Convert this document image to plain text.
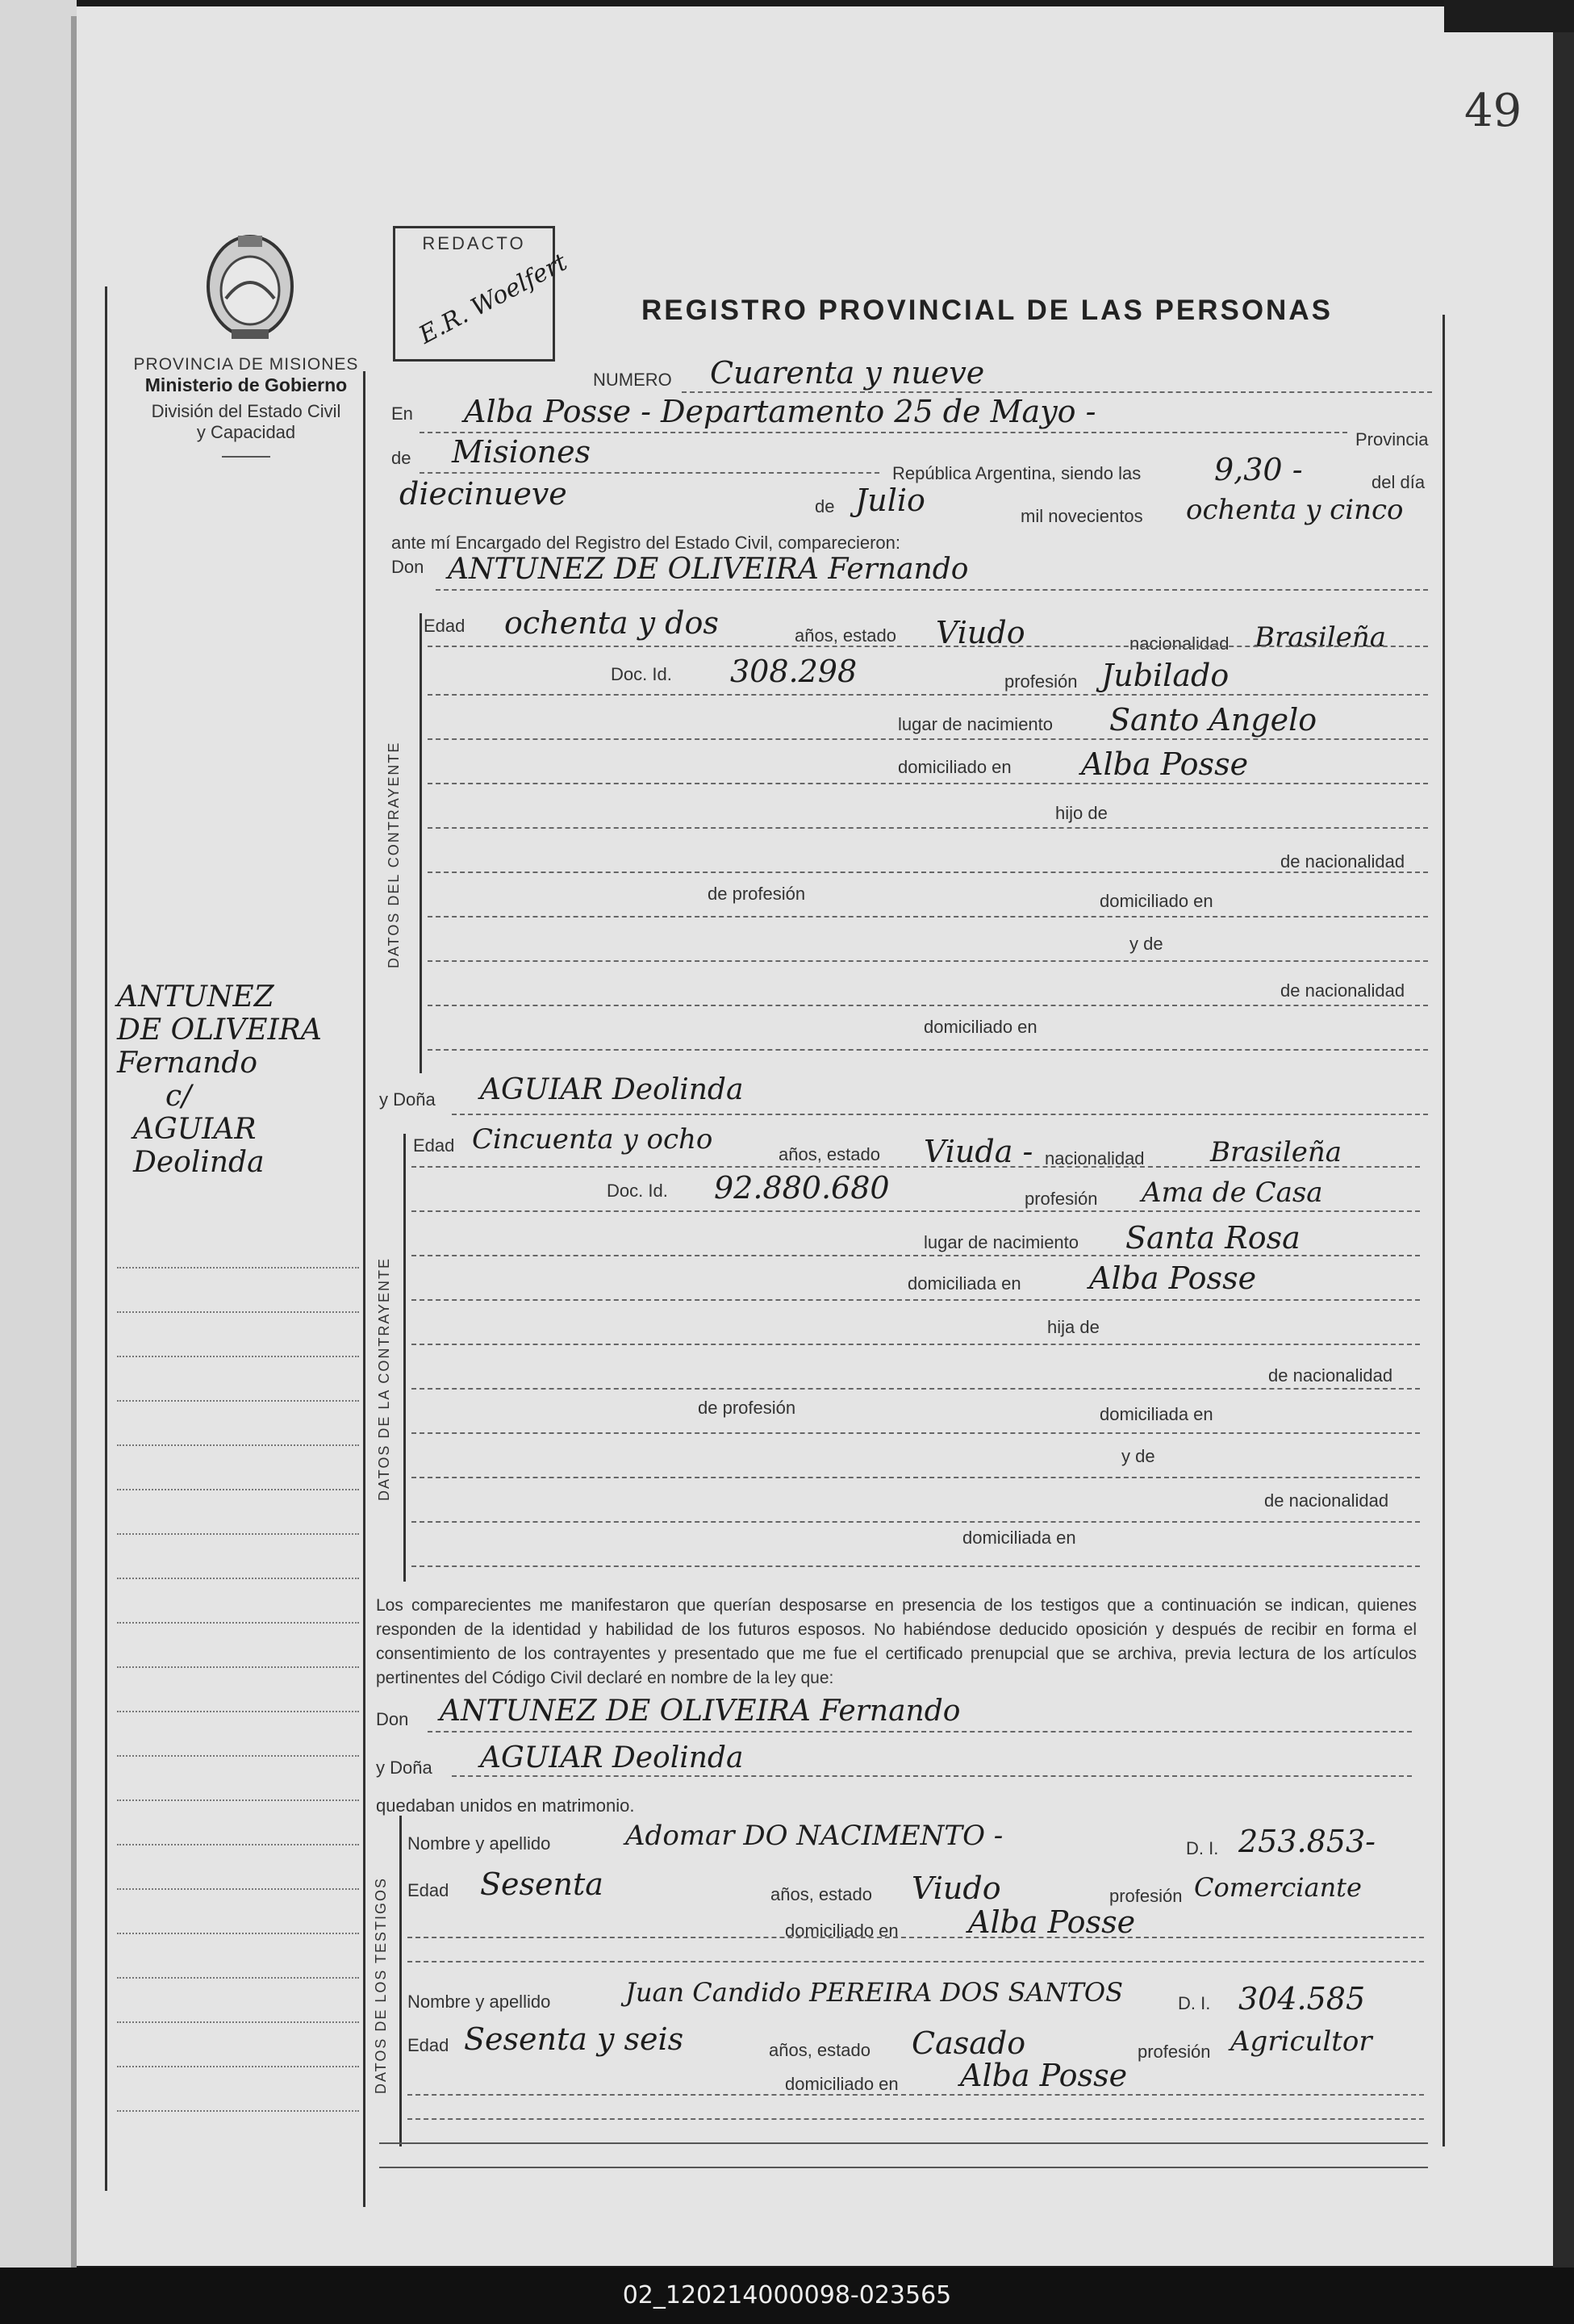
49
PROVINCIA DE MISIONES
Ministerio de Gobierno
División del Estado Civil
y Capacidad
REDACTO
E.R. Woelfert REGISTRO PROVINCIAL DE LAS PERSONAS
NUMERO Cuarenta y nueve
En Alba Posse - Departamento 25 de Mayo -
Provincia
de Misiones
República Argentina, siendo las 9,30 -	del día
diecinueve	de Julio	mil novecientos ochenta y cinco
ante mí Encargado del Registro del Estado Civil, comparecieron:
Don ANTUNEZ DE OLIVEIRA Fernando
DATOS DEL CONTRAYENTE
Edad ochenta y dos	años, estado Viudo	nacionalidad Brasileña
Doc. Id. 308.298	profesión Jubilado
lugar de nacimiento Santo Angelo
domiciliado en Alba Posse
hijo de
de nacionalidad
de profesión	domiciliado en
y de
de nacionalidad
domiciliado en
ANTUNEZ
DE OLIVEIRA
Fernando
c/
AGUIAR
Deolinda
y Doña AGUIAR Deolinda
DATOS DE LA CONTRAYENTE
Edad Cincuenta y ocho	años, estado Viuda - nacionalidad Brasileña
Doc. Id. 92.880.680	profesión Ama de Casa
lugar de nacimiento Santa Rosa
domiciliada en Alba Posse
hija de
de nacionalidad
de profesión	domiciliada en
y de
de nacionalidad
domiciliada en
Los comparecientes me manifestaron que querían desposarse en presencia de los testigos que a continuación se indican, quienes responden de la identidad y habilidad de los futuros esposos. No habiéndose deducido oposición y después de recibir en forma el consentimiento de los contrayentes y presentado que me fue el certificado prenupcial que se archiva, previa lectura de los artículos pertinentes del Código Civil declaré en nombre de la ley que:
Don ANTUNEZ DE OLIVEIRA Fernando
y Doña AGUIAR Deolinda
quedaban unidos en matrimonio.
DATOS DE LOS TESTIGOS
Nombre y apellido	Adomar DO NACIMENTO -	D. I. 253.853-
Edad Sesenta	años, estado Viudo	profesión Comerciante
domiciliado en Alba Posse
Nombre y apellido	Juan Candido PEREIRA DOS SANTOS	D. I. 304.585
Edad Sesenta y seis	años, estado Casado	profesión Agricultor
domiciliado en Alba Posse
02_120214000098-023565
